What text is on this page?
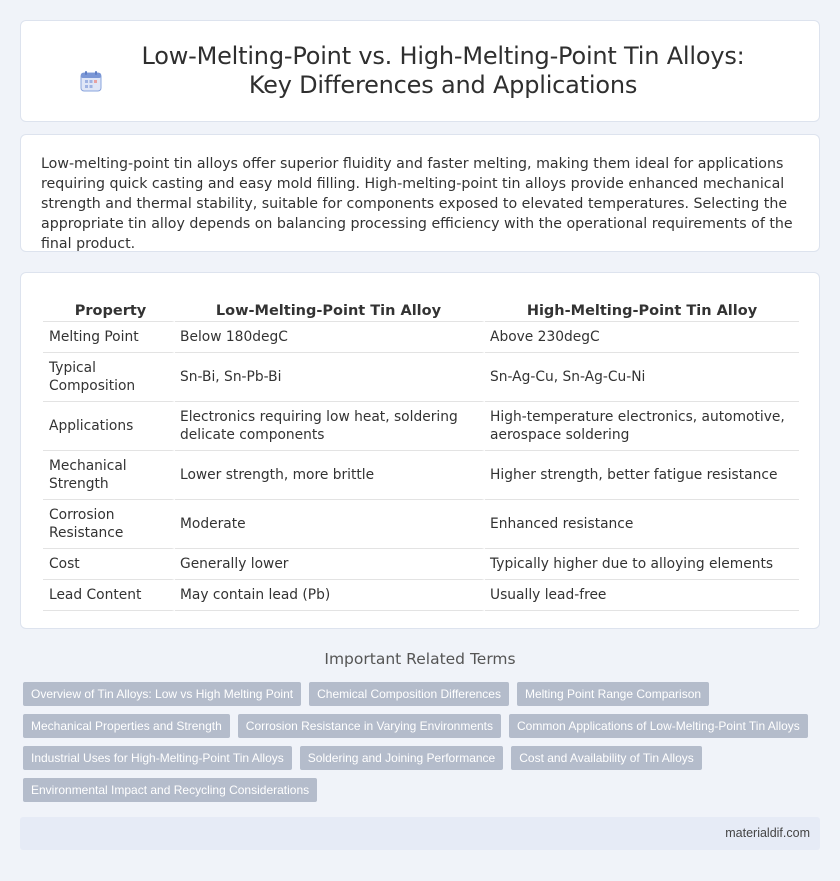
Low-Melting-Point vs. High-Melting-Point Tin Alloys: Key Differences and Applications

Low-melting-point tin alloys offer superior fluidity and faster melting, making them ideal for applications requiring quick casting and easy mold filling. High-melting-point tin alloys provide enhanced mechanical strength and thermal stability, suitable for components exposed to elevated temperatures. Selecting the appropriate tin alloy depends on balancing processing efficiency with the operational requirements of the final product.

Property	Low-Melting-Point Tin Alloy	High-Melting-Point Tin Alloy
Melting Point	Below 180degC	Above 230degC
Typical Composition	Sn-Bi, Sn-Pb-Bi	Sn-Ag-Cu, Sn-Ag-Cu-Ni
Applications	Electronics requiring low heat, soldering delicate components	High-temperature electronics, automotive, aerospace soldering
Mechanical Strength	Lower strength, more brittle	Higher strength, better fatigue resistance
Corrosion Resistance	Moderate	Enhanced resistance
Cost	Generally lower	Typically higher due to alloying elements
Lead Content	May contain lead (Pb)	Usually lead-free
Important Related Terms
Overview of Tin Alloys: Low vs High Melting Point	Chemical Composition Differences	Melting Point Range Comparison
Mechanical Properties and Strength	Corrosion Resistance in Varying Environments	Common Applications of Low-Melting-Point Tin Alloys
Industrial Uses for High-Melting-Point Tin Alloys	Soldering and Joining Performance	Cost and Availability of Tin Alloys
Environmental Impact and Recycling Considerations
materialdif.com
